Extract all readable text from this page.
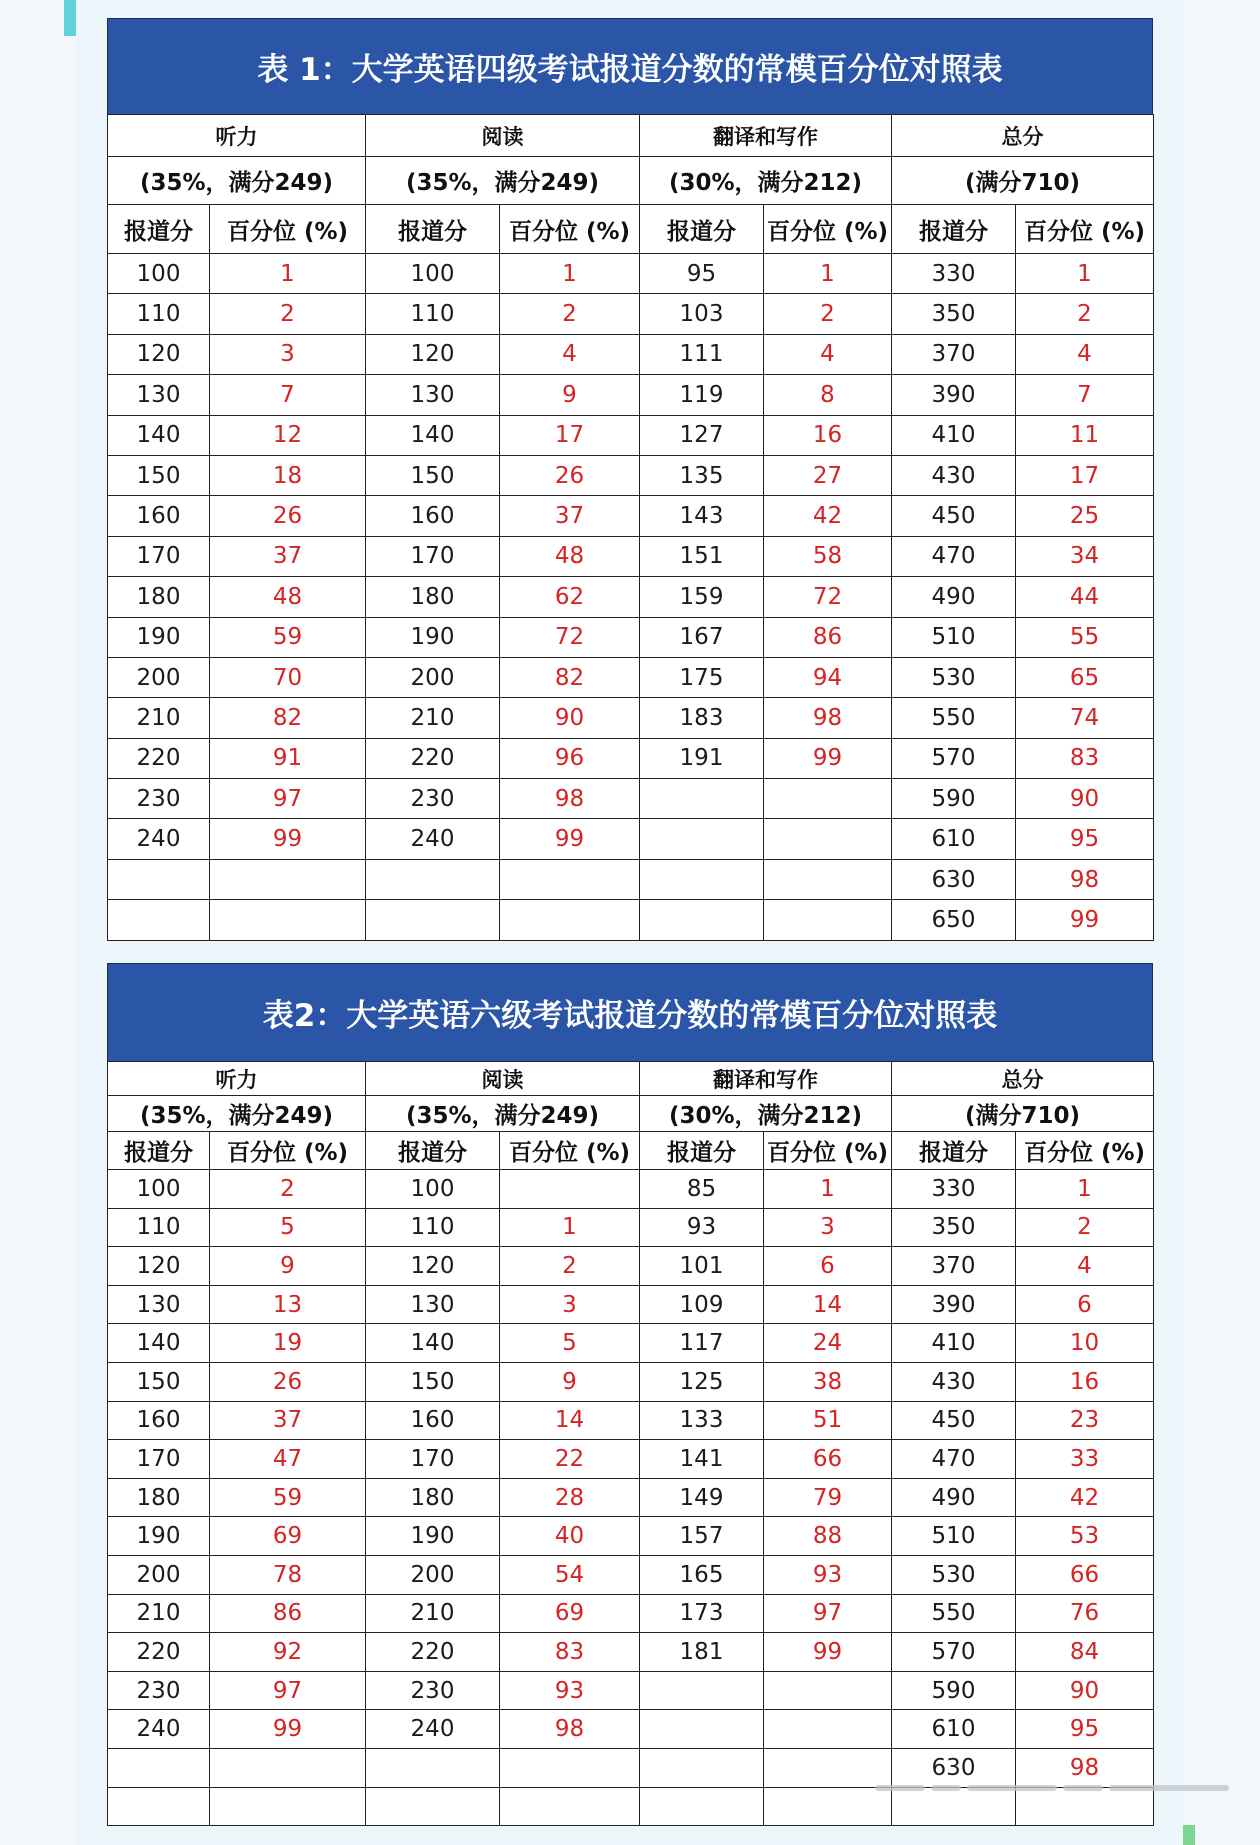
表 1：大学英语四级考试报道分数的常模百分位对照表
听力		阅读		翻译和写作		总分	
(35%，满分249)		(35%，满分249)		(30%，满分212)		(满分710)	
报道分	百分位 (%)	报道分	百分位 (%)	报道分	百分位 (%)	报道分	百分位 (%)
100	1	100	1	95	1	330	1
110	2	110	2	103	2	350	2
120	3	120	4	111	4	370	4
130	7	130	9	119	8	390	7
140	12	140	17	127	16	410	11
150	18	150	26	135	27	430	17
160	26	160	37	143	42	450	25
170	37	170	48	151	58	470	34
180	48	180	62	159	72	490	44
190	59	190	72	167	86	510	55
200	70	200	82	175	94	530	65
210	82	210	90	183	98	550	74
220	91	220	96	191	99	570	83
230	97	230	98			590	90
240	99	240	99			610	95
						630	98
						650	99
表2：大学英语六级考试报道分数的常模百分位对照表
听力		阅读		翻译和写作		总分	
(35%，满分249)		(35%，满分249)		(30%，满分212)		(满分710)	
报道分	百分位 (%)	报道分	百分位 (%)	报道分	百分位 (%)	报道分	百分位 (%)
100	2	100		85	1	330	1
110	5	110	1	93	3	350	2
120	9	120	2	101	6	370	4
130	13	130	3	109	14	390	6
140	19	140	5	117	24	410	10
150	26	150	9	125	38	430	16
160	37	160	14	133	51	450	23
170	47	170	22	141	66	470	33
180	59	180	28	149	79	490	42
190	69	190	40	157	88	510	53
200	78	200	54	165	93	530	66
210	86	210	69	173	97	550	76
220	92	220	83	181	99	570	84
230	97	230	93			590	90
240	99	240	98			610	95
						630	98
